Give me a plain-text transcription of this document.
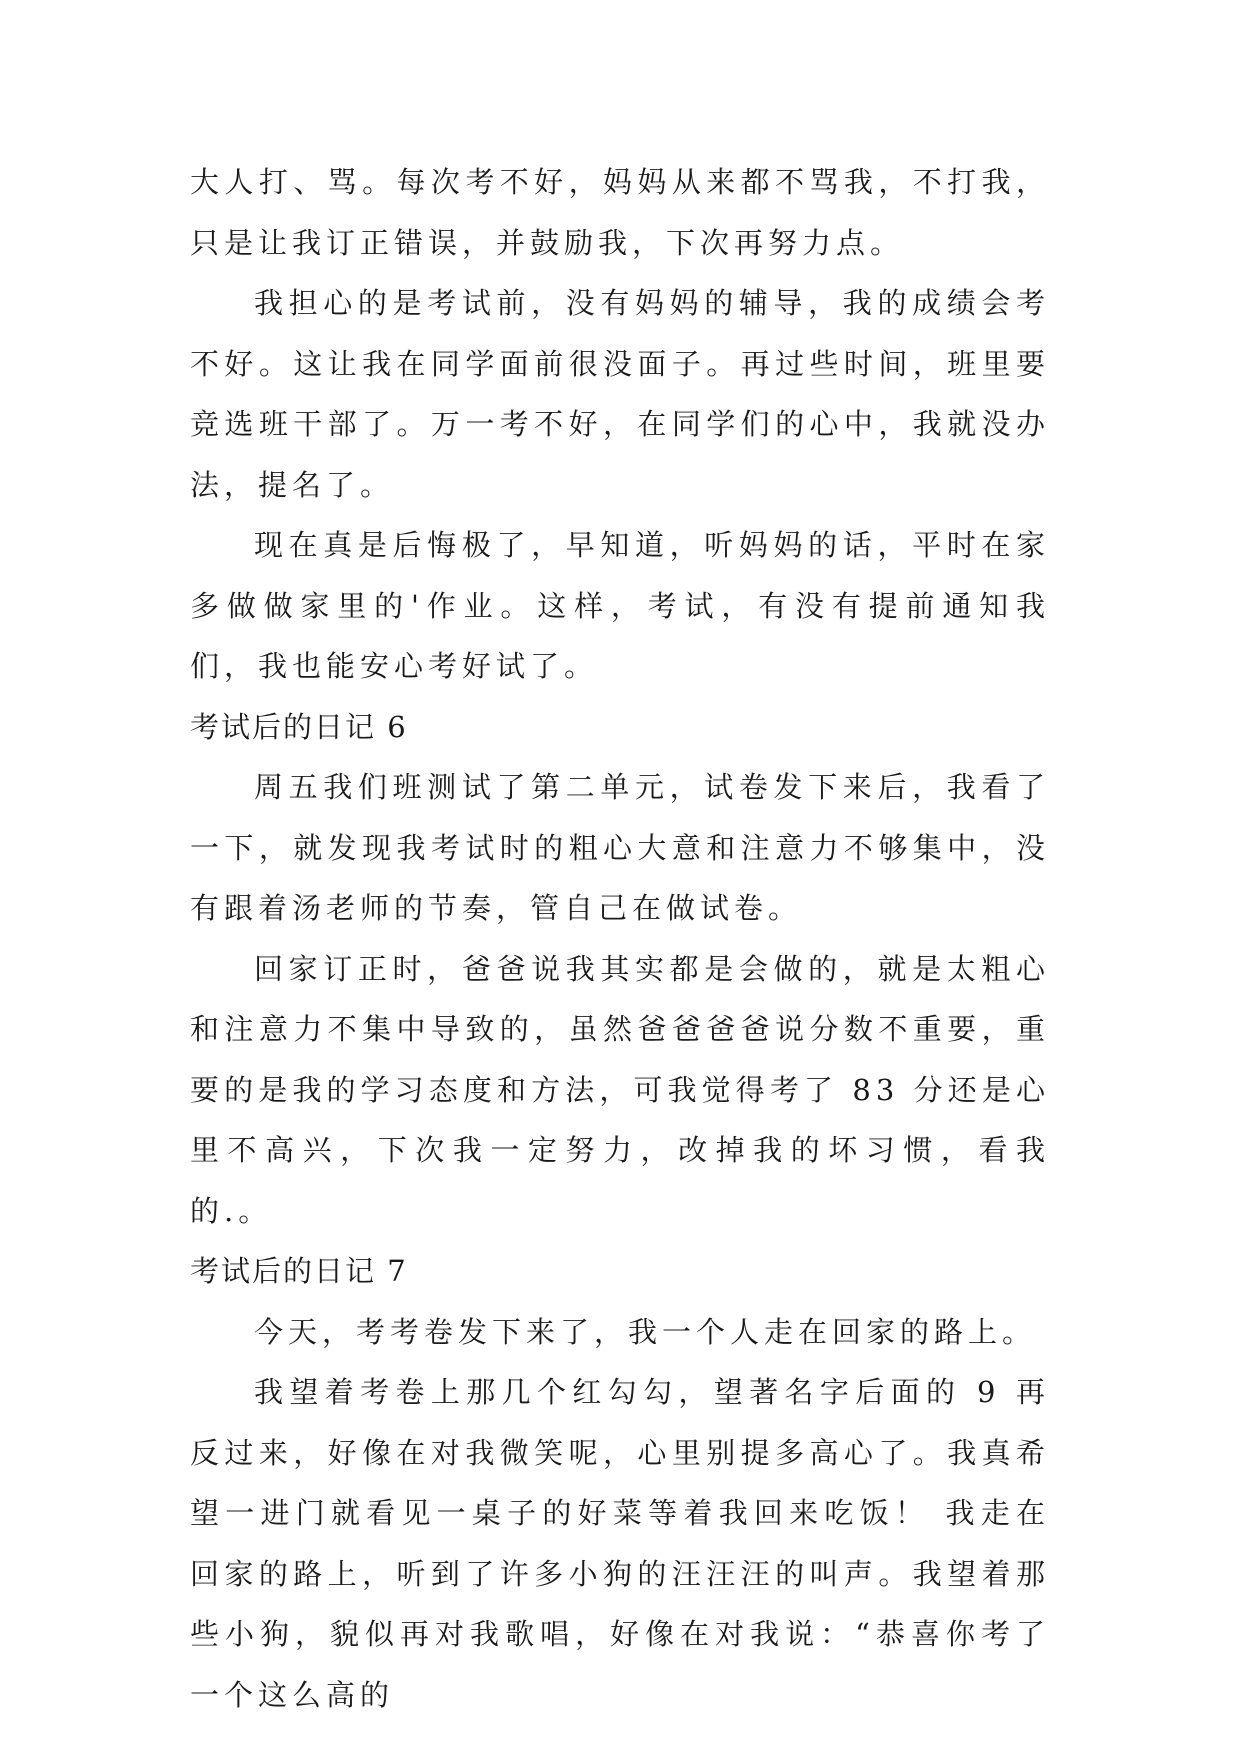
大人打、骂。每次考不好，妈妈从来都不骂我，不打我，只是让我订正错误，并鼓励我，下次再努力点。

我担心的是考试前，没有妈妈的辅导，我的成绩会考不好。这让我在同学面前很没面子。再过些时间，班里要竞选班干部了。万一考不好，在同学们的心中，我就没办法，提名了。

现在真是后悔极了，早知道，听妈妈的话，平时在家多做做家里的'作业。这样，考试，有没有提前通知我们，我也能安心考好试了。

考试后的日记 6

周五我们班测试了第二单元，试卷发下来后，我看了一下，就发现我考试时的粗心大意和注意力不够集中，没有跟着汤老师的节奏，管自己在做试卷。

回家订正时，爸爸说我其实都是会做的，就是太粗心和注意力不集中导致的，虽然爸爸爸爸说分数不重要，重要的是我的学习态度和方法，可我觉得考了 83 分还是心里不高兴，下次我一定努力，改掉我的坏习惯，看我的.。

考试后的日记 7

今天，考考卷发下来了，我一个人走在回家的路上。

我望着考卷上那几个红勾勾，望著名字后面的 9 再反过来，好像在对我微笑呢，心里别提多高心了。我真希望一进门就看见一桌子的好菜等着我回来吃饭！ 我走在回家的路上，听到了许多小狗的汪汪汪的叫声。我望着那些小狗，貌似再对我歌唱，好像在对我说：“恭喜你考了一个这么高的
